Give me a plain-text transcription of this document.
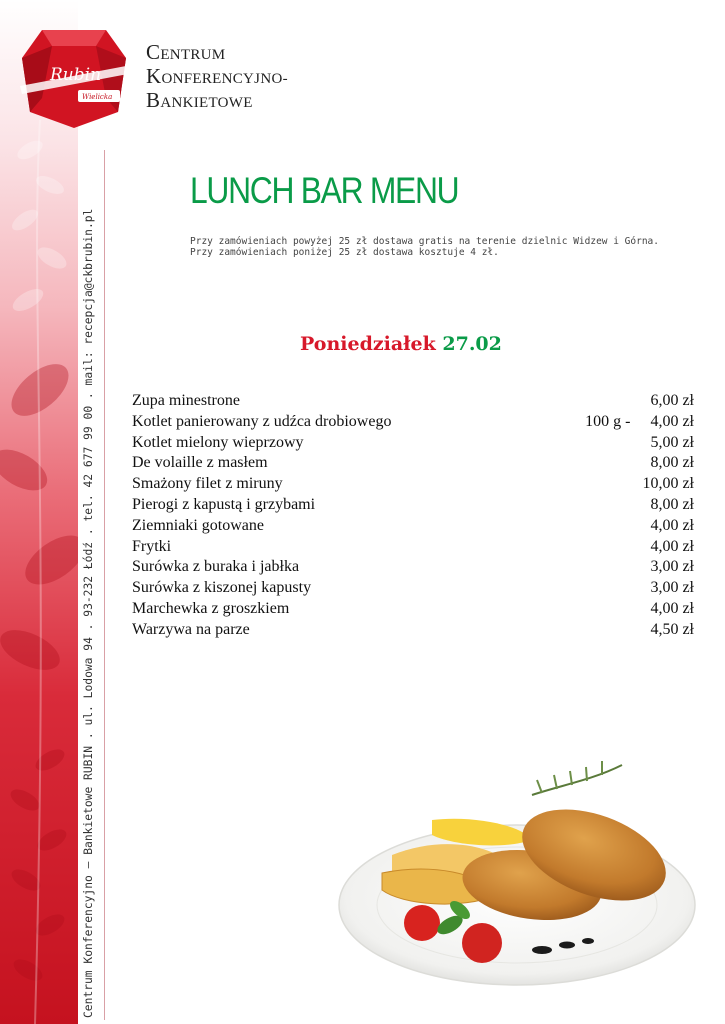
Rubin
Wielicka
CENTRUM
KONFERENCYJNO-
BANKIETOWE
LUNCH BAR MENU
Przy zamówieniach powyżej 25 zł dostawa gratis na terenie dzielnic Widzew i Górna.
Przy zamówieniach poniżej 25 zł dostawa kosztuje 4 zł.
Poniedziałek 27.02
Zupa minestrone	6,00 zł
Kotlet panierowany z udźca drobiowego	100 g - 4,00 zł
Kotlet mielony wieprzowy	5,00 zł
De volaille z masłem	8,00 zł
Smażony filet z miruny	10,00 zł
Pierogi z kapustą i grzybami	8,00 zł
Ziemniaki gotowane	4,00 zł
Frytki	4,00 zł
Surówka z buraka i jabłka	3,00 zł
Surówka z kiszonej kapusty	3,00 zł
Marchewka z groszkiem	4,00 zł
Warzywa na parze	4,50 zł
Centrum Konferencyjno – Bankietowe RUBIN . ul. Lodowa 94 . 93-232 Łódź . tel. 42 677 99 00 . mail: recepcja@ckbrubin.pl
